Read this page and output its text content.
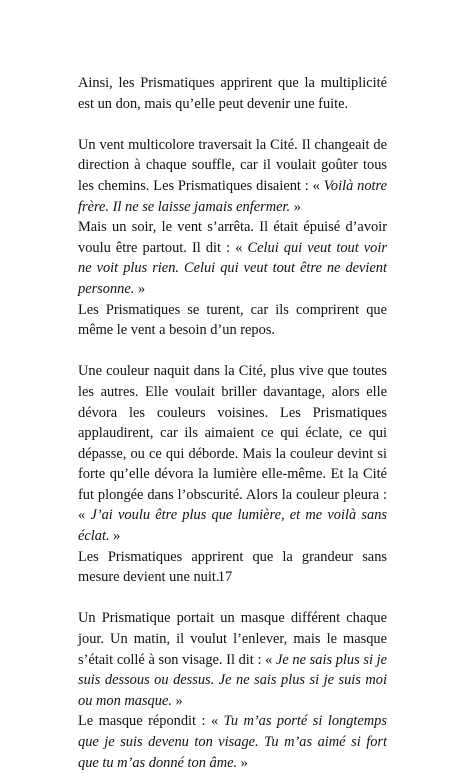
Ainsi, les Prismatiques apprirent que la multiplicité est un don, mais qu’elle peut devenir une fuite.

Un vent multicolore traversait la Cité. Il changeait de direction à chaque souffle, car il voulait goûter tous les chemins. Les Prismatiques disaient : « Voilà notre frère. Il ne se laisse jamais enfermer. »

Mais un soir, le vent s’arrêta. Il était épuisé d’avoir voulu être partout. Il dit : « Celui qui veut tout voir ne voit plus rien. Celui qui veut tout être ne devient personne. »

Les Prismatiques se turent, car ils comprirent que même le vent a besoin d’un repos.

Une couleur naquit dans la Cité, plus vive que toutes les autres. Elle voulait briller davantage, alors elle dévora les couleurs voisines. Les Prismatiques applaudirent, car ils aimaient ce qui éclate, ce qui dépasse, ou ce qui déborde. Mais la couleur devint si forte qu’elle dévora la lumière elle-même. Et la Cité fut plongée dans l’obscurité. Alors la couleur pleura : « J’ai voulu être plus que lumière, et me voilà sans éclat. »

Les Prismatiques apprirent que la grandeur sans mesure devient une nuit.

Un Prismatique portait un masque différent chaque jour. Un matin, il voulut l’enlever, mais le masque s’était collé à son visage. Il dit : « Je ne sais plus si je suis dessous ou dessus. Je ne sais plus si je suis moi ou mon masque. »

Le masque répondit : « Tu m’as porté si longtemps que je suis devenu ton visage. Tu m’as aimé si fort que tu m’as donné ton âme. »

17
